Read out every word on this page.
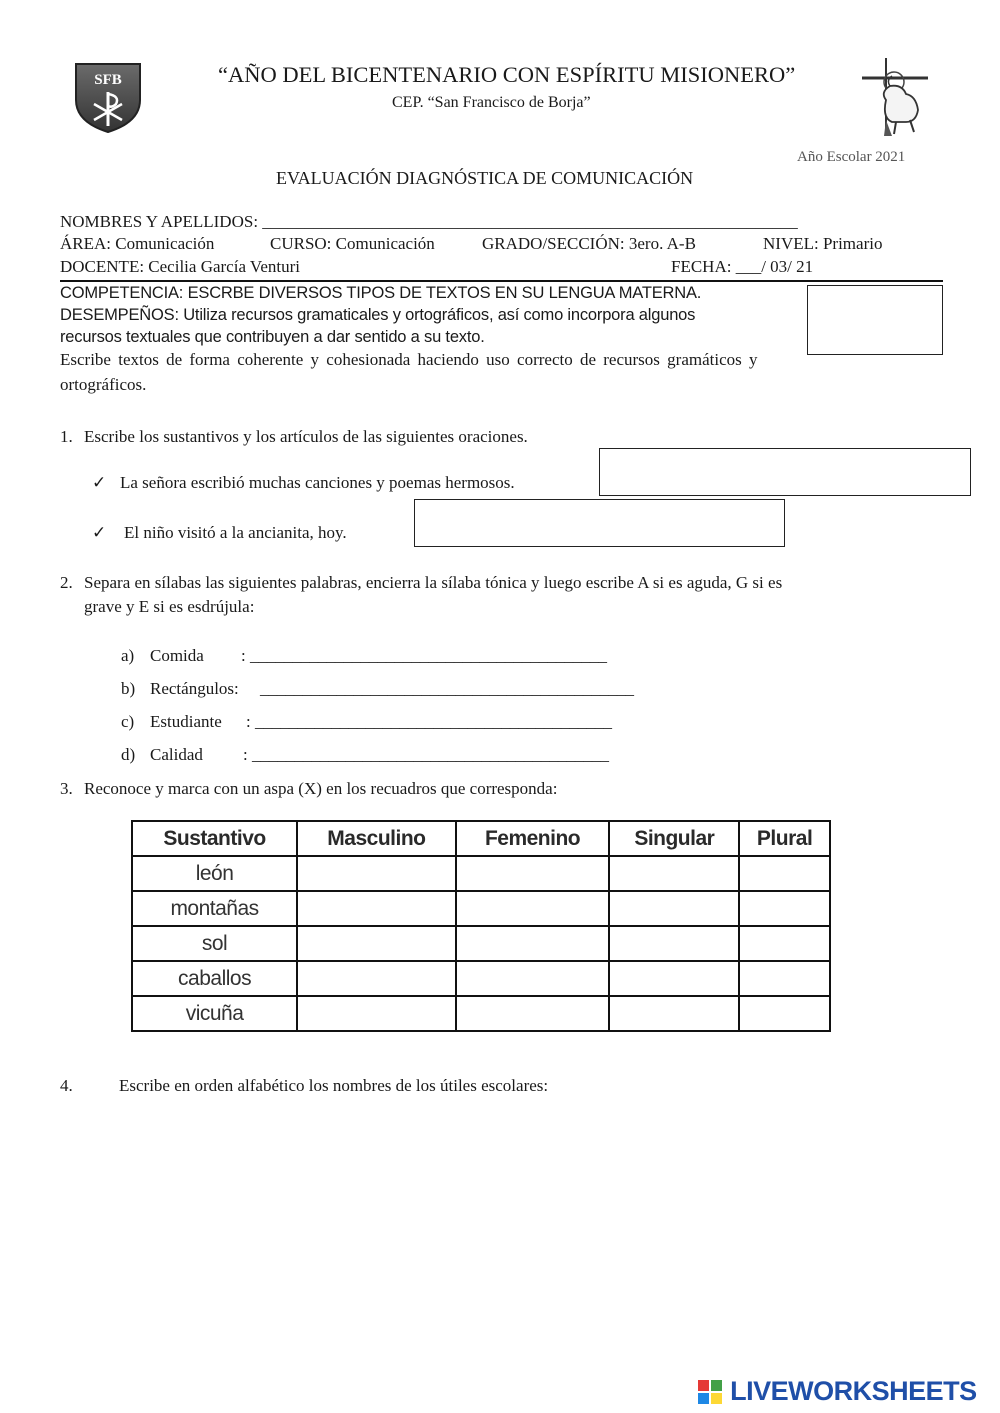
SFB	“AÑO DEL BICENTENARIO CON ESPÍRITU MISIONERO”
CEP. “San Francisco de Borja”
Año Escolar 2021
EVALUACIÓN DIAGNÓSTICA DE COMUNICACIÓN
NOMBRES Y APELLIDOS: _______________________________________________________________
ÁREA: Comunicación	CURSO: Comunicación	GRADO/SECCIÓN: 3ero. A-B	NIVEL: Primario
DOCENTE: Cecilia García Venturi	FECHA: ___/ 03/ 21
COMPETENCIA: ESCRBE DIVERSOS TIPOS DE TEXTOS EN SU LENGUA MATERNA.
DESEMPEÑOS: Utiliza recursos gramaticales y ortográficos, así como incorpora algunos
recursos textuales que contribuyen a dar sentido a su texto.
Escribe textos de forma coherente y cohesionada haciendo uso correcto de recursos gramáticos y
ortográficos.
1. Escribe los sustantivos y los artículos de las siguientes oraciones.
✓ La señora escribió muchas canciones y poemas hermosos.
✓ El niño visitó a la ancianita, hoy.
2. Separa en sílabas las siguientes palabras, encierra la sílaba tónica y luego escribe A si es aguda, G si es
grave y E si es esdrújula:
a) Comida : __________________________________________
b) Rectángulos: ____________________________________________
c) Estudiante : __________________________________________
d) Calidad : __________________________________________
3. Reconoce y marca con un aspa (X) en los recuadros que corresponda:
Sustantivo	Masculino	Femenino	Singular	Plural
león				
montañas				
sol				
caballos				
vicuña				
4.	Escribe en orden alfabético los nombres de los útiles escolares:
LIVEWORKSHEETS
